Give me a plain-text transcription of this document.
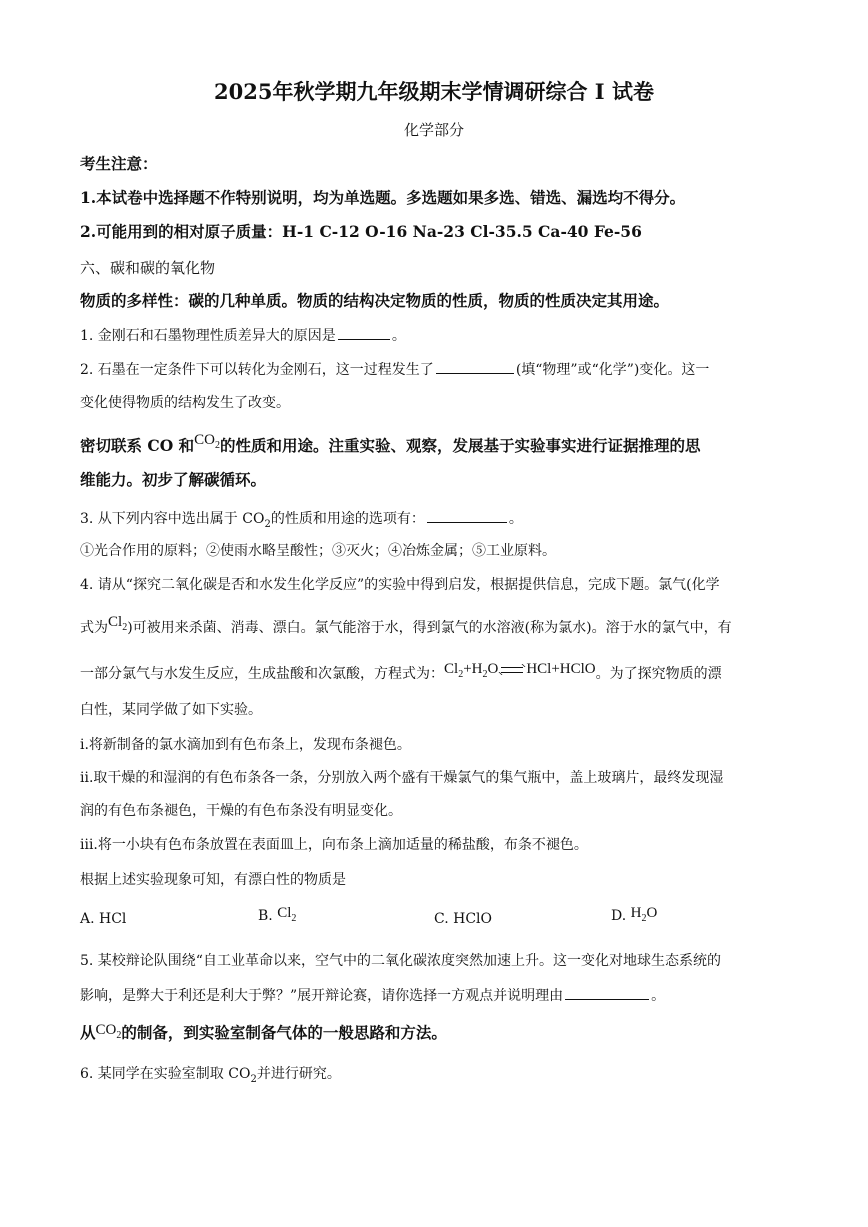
2025年秋学期九年级期末学情调研综合 I 试卷
化学部分
考生注意：
1.本试卷中选择题不作特别说明，均为单选题。多选题如果多选、错选、漏选均不得分。
2.可能用到的相对原子质量：H-1 C-12 O-16 Na-23 Cl-35.5 Ca-40 Fe-56
六、碳和碳的氧化物
物质的多样性：碳的几种单质。物质的结构决定物质的性质，物质的性质决定其用途。
1. 金刚石和石墨物理性质差异大的原因是	。
2. 石墨在一定条件下可以转化为金刚石，这一过程发生了	(填“物理”或“化学”)变化。这一
变化使得物质的结构发生了改变。
密切联系 CO 和$CO_2$的性质和用途。注重实验、观察，发展基于实验事实进行证据推理的思
维能力。初步了解碳循环。
3. 从下列内容中选出属于 $CO_2$的性质和用途的选项有：	。
①光合作用的原料；②使雨水略呈酸性；③灭火；④冶炼金属；⑤工业原料。
4. 请从“探究二氧化碳是否和水发生化学反应”的实验中得到启发，根据提供信息，完成下题。氯气(化学
式为$Cl_2$)可被用来杀菌、消毒、漂白。氯气能溶于水，得到氯气的水溶液(称为氯水)。溶于水的氯气中，有
一部分氯气与水发生反应，生成盐酸和次氯酸，方程式为：$Cl_2+H_2O$ HCl+HClO。为了探究物质的漂
白性，某同学做了如下实验。
ⅰ.将新制备的氯水滴加到有色布条上，发现布条褪色。
ⅱ.取干燥的和湿润的有色布条各一条，分别放入两个盛有干燥氯气的集气瓶中，盖上玻璃片，最终发现湿
润的有色布条褪色，干燥的有色布条没有明显变化。
ⅲ.将一小块有色布条放置在表面皿上，向布条上滴加适量的稀盐酸，布条不褪色。
根据上述实验现象可知，有漂白性的物质是
A. HCl	B. $Cl_2$	C. HClO	D. $H_2O$
5. 某校辩论队围绕“自工业革命以来，空气中的二氧化碳浓度突然加速上升。这一变化对地球生态系统的
影响，是弊大于利还是利大于弊？”展开辩论赛，请你选择一方观点并说明理由	。
从$CO_2$的制备，到实验室制备气体的一般思路和方法。
6. 某同学在实验室制取 $CO_2$并进行研究。
